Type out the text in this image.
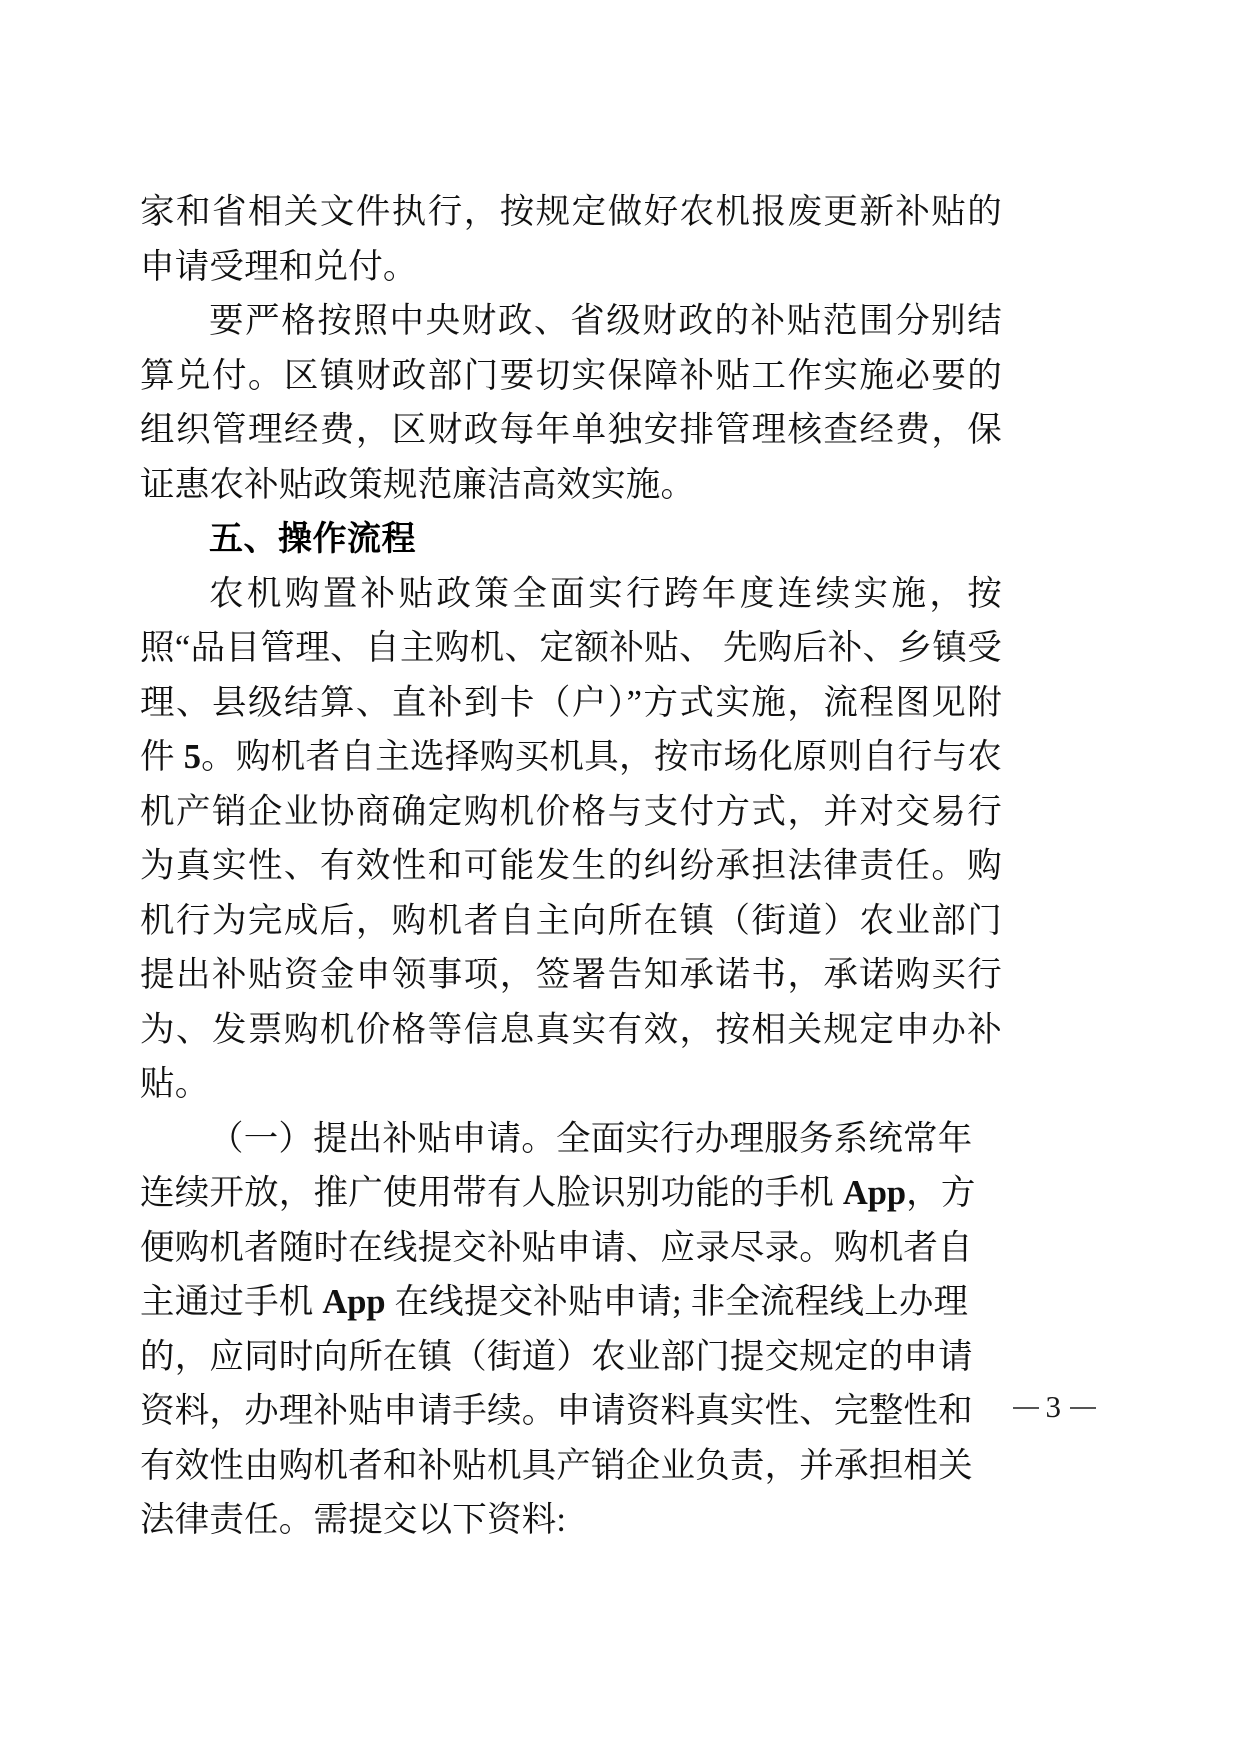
家和省相关文件执行，按规定做好农机报废更新补贴的申请受理和兑付。

要严格按照中央财政、省级财政的补贴范围分别结算兑付。区镇财政部门要切实保障补贴工作实施必要的组织管理经费，区财政每年单独安排管理核查经费，保证惠农补贴政策规范廉洁高效实施。

五、操作流程

农机购置补贴政策全面实行跨年度连续实施，按照“品目管理、自主购机、定额补贴、 先购后补、乡镇受理、县级结算、直补到卡（户）”方式实施，流程图见附件 5。购机者自主选择购买机具，按市场化原则自行与农机产销企业协商确定购机价格与支付方式，并对交易行为真实性、有效性和可能发生的纠纷承担法律责任。购机行为完成后，购机者自主向所在镇（街道）农业部门提出补贴资金申领事项，签署告知承诺书，承诺购买行为、发票购机价格等信息真实有效，按相关规定申办补贴。

（一）提出补贴申请。全面实行办理服务系统常年连续开放，推广使用带有人脸识别功能的手机 App，方便购机者随时在线提交补贴申请、应录尽录。购机者自主通过手机 App 在线提交补贴申请; 非全流程线上办理的，应同时向所在镇（街道）农业部门提交规定的申请资料，办理补贴申请手续。申请资料真实性、完整性和有效性由购机者和补贴机具产销企业负责，并承担相关法律责任。需提交以下资料:

3
